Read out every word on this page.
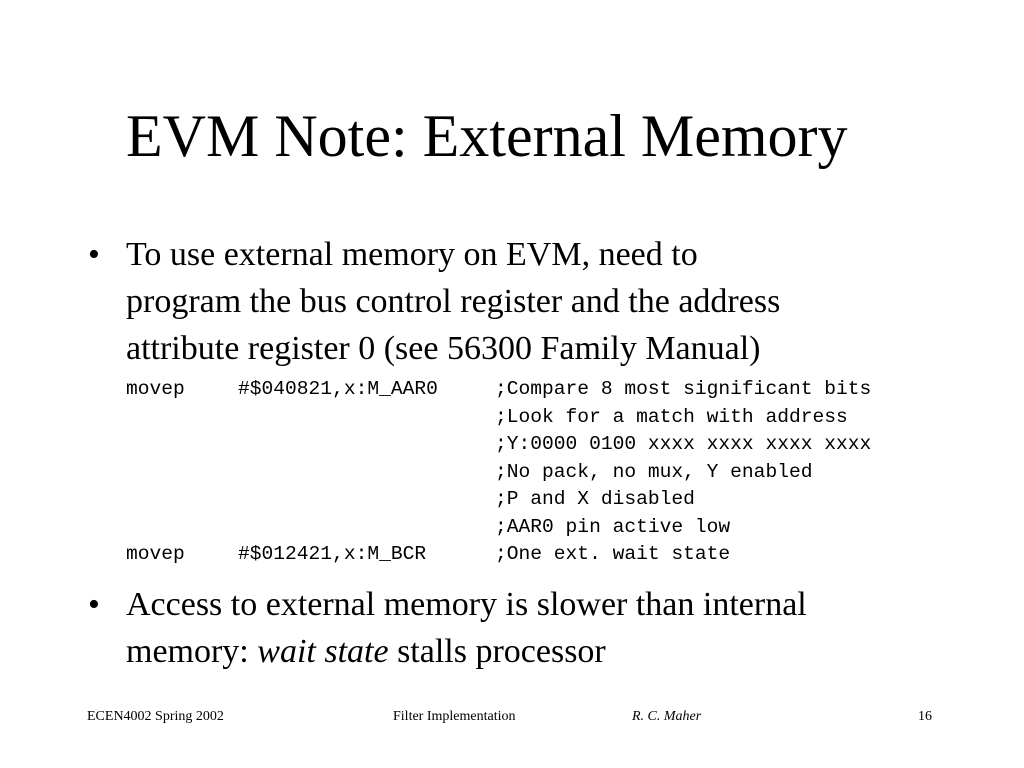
EVM Note: External Memory
• To use external memory on EVM, need to
program the bus control register and the address
attribute register 0 (see 56300 Family Manual)
movep	#$040821,x:M_AAR0	;Compare 8 most significant bits
;Look for a match with address
;Y:0000 0100 xxxx xxxx xxxx xxxx
;No pack, no mux, Y enabled
;P and X disabled
;AAR0 pin active low
movep	#$012421,x:M_BCR	;One ext. wait state
• Access to external memory is slower than internal
memory: wait state stalls processor
ECEN4002 Spring 2002	Filter Implementation	R. C. Maher	16
